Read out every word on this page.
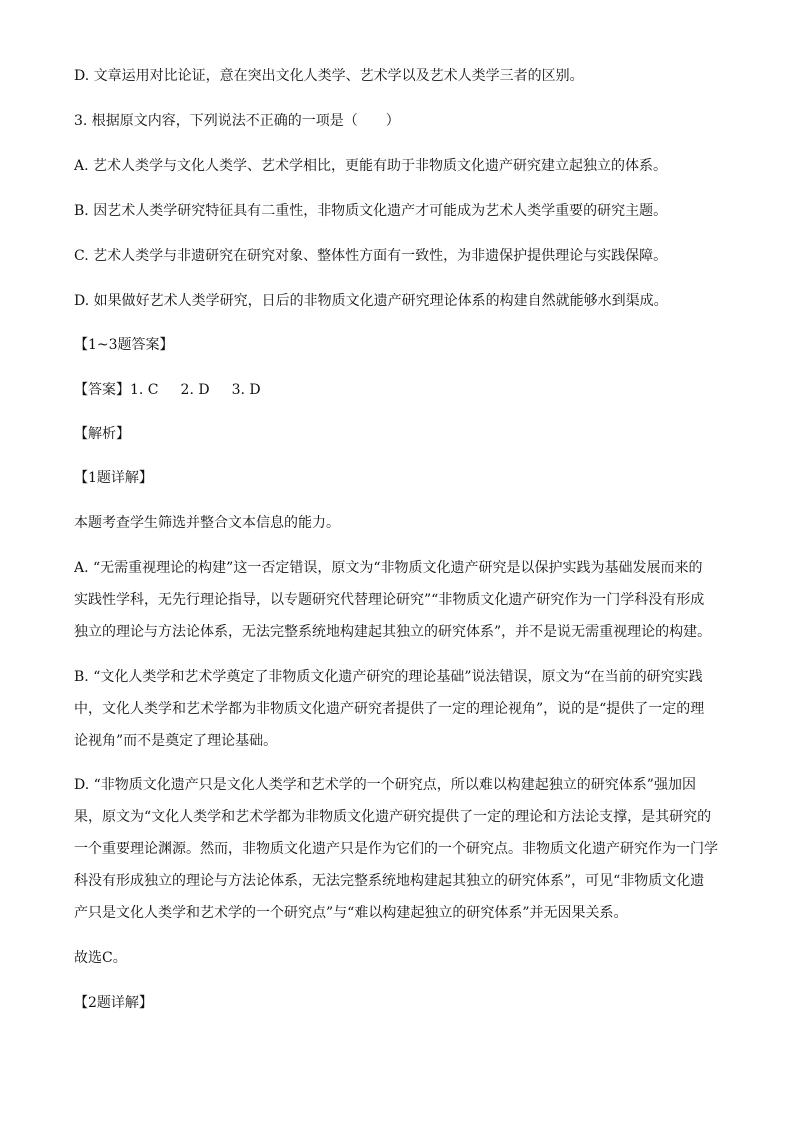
D. 文章运用对比论证，意在突出文化人类学、艺术学以及艺术人类学三者的区别。
3. 根据原文内容，下列说法不正确的一项是（　　）
A. 艺术人类学与文化人类学、艺术学相比，更能有助于非物质文化遗产研究建立起独立的体系。
B. 因艺术人类学研究特征具有二重性，非物质文化遗产才可能成为艺术人类学重要的研究主题。
C. 艺术人类学与非遗研究在研究对象、整体性方面有一致性，为非遗保护提供理论与实践保障。
D. 如果做好艺术人类学研究，日后的非物质文化遗产研究理论体系的构建自然就能够水到渠成。
【1~3题答案】
【答案】1. C 2. D 3. D
【解析】
【1题详解】
本题考查学生筛选并整合文本信息的能力。
A. “无需重视理论的构建”这一否定错误，原文为“非物质文化遗产研究是以保护实践为基础发展而来的
实践性学科，无先行理论指导，以专题研究代替理论研究”“非物质文化遗产研究作为一门学科没有形成
独立的理论与方法论体系，无法完整系统地构建起其独立的研究体系”，并不是说无需重视理论的构建。
B. “文化人类学和艺术学奠定了非物质文化遗产研究的理论基础”说法错误，原文为“在当前的研究实践
中，文化人类学和艺术学都为非物质文化遗产研究者提供了一定的理论视角”，说的是“提供了一定的理
论视角”而不是奠定了理论基础。
D. “非物质文化遗产只是文化人类学和艺术学的一个研究点，所以难以构建起独立的研究体系”强加因
果，原文为“文化人类学和艺术学都为非物质文化遗产研究提供了一定的理论和方法论支撑，是其研究的
一个重要理论渊源。然而，非物质文化遗产只是作为它们的一个研究点。非物质文化遗产研究作为一门学
科没有形成独立的理论与方法论体系，无法完整系统地构建起其独立的研究体系”，可见“非物质文化遗
产只是文化人类学和艺术学的一个研究点”与“难以构建起独立的研究体系”并无因果关系。
故选C。
【2题详解】
